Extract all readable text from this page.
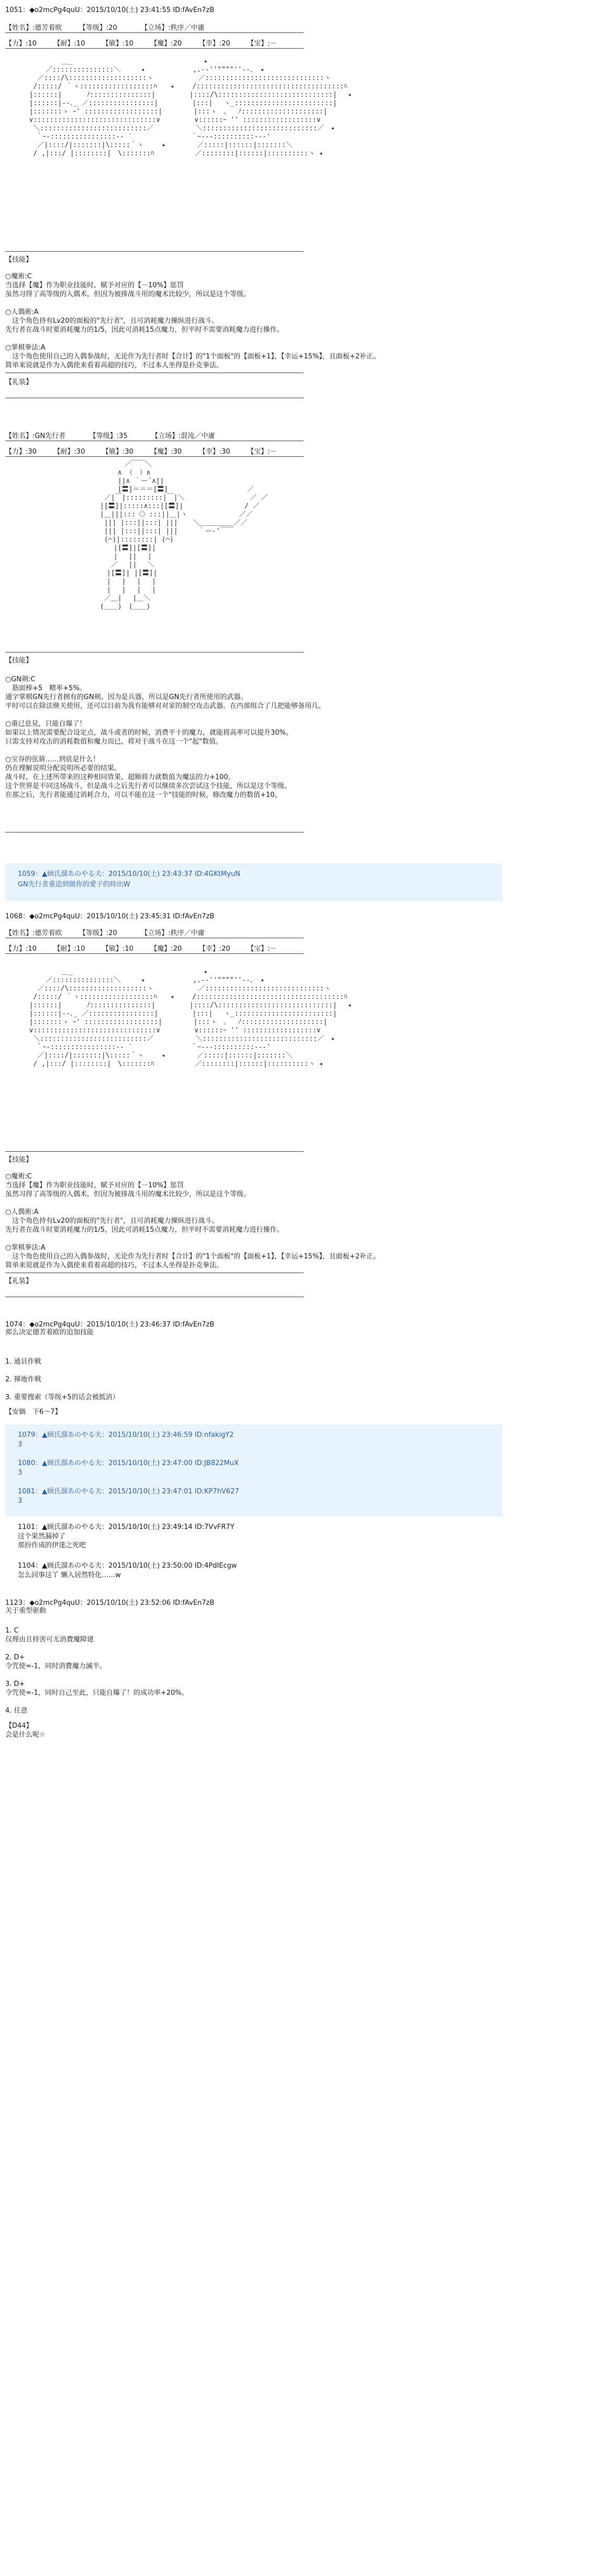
1051：◆o2mcPg4quU：2015/10/10(土) 23:41:55 ID:fAvEn7zB
【姓名】:德芳着欧　　　【等级】:20　　　　【立场】:秩序／中庸
【力】:10　　　【耐】:10　　　【敏】:10　　　【魔】:20　　　【幸】:20　　　【宝】:－
＿_　　　　　 　　　　　　　　　　　　　 ✦
／:::::::::::::::＼　　　✦　　　　　　　,.-‐''""""''‐-､　✦
／::::/\:::::::::::::::::::ヽ　　　　　　 ／:::::::::::::::::::::::::::::ヽ
/:::::/ ｀ヽ::::::::::::::::::ﾊ　　✦　　 /::::::::::::::::::::::::::::::::::::ﾊ
|::::::|　　　 ﾉ:::::::::::::::|　　　　　|::::/\::::::::::::::::::::::::::::|　 ✦
|::::::|‐-､_ ／::::::::::::::::|　　　　　|:::|　 ヽ_::::::::::::::::::::::::|
|:::::::ゝ ｰ' ::::::::::::::::::|　　　　 |:::ゝ　｡ 　ﾉ::::::::::::::::::::|
∨::::::::::::::::::::::::::::::∨　　　　　∨::::::ｰ '' ::::::::::::::::::∨
＼::::::::::::::::::::::::::／ 　　　　　 ＼::::::::::::::::::::::::::::／　✦
　｀ｰ-::::::::::::::::-‐ ′　　　　　　　　 ｀ｰ‐--::::::::::--‐'
／|::::/|:::::::|\:::::｀ヽ　　 ✦　　　　 ／:::::|::::::|:::::::＼
/ ,|:::/ |::::::::|　\:::::::ﾊ　　　　　　／::::::::|::::::|::::::::::ヽ ✦
【技能】
○魔術:C
当选择【魔】作为职业技能时，赋予对应的【－10%】惩罚
虽然习得了高等级的入偶术，但因为被排战斗用的魔术比较少，所以是这个等级。

○人偶術:A
　这个角色持有Lv20的面板的"先行者"，且可消耗魔力操纵进行战斗。
先行者在战斗时要消耗魔力的1/5，因此可消耗15点魔力，但平时不需要消耗魔力进行操作。

○掌棋拳法:A
　这个角色使用自己的入偶参战时，无论作为先行者时【合计】的"1个面板"的【面板+1】，【幸运+15%】，且面板+2补正。
简单来说就是作为入偶使来看着高超的技巧，不过本人坐得是扑克拳法。
【礼装】
【姓名】:GN先行者　　　　【等级】:35　　　　【立场】:混沌／中庸
【力】:30　　　【耐】:30　　　【敏】:30　　　【魔】:30　　　【幸】:30　　　【宝】:－
　　　　　　　　　　 ／￣￣＼
　　　　　　　　　 ∧ （　）∧
　　　　　　　　　 ||∧ ｀ー´∧||
　　　　　　　　　 [〓]＝＝＝[〓]　　　　　　　　　　　 ／
　　　　　　　 ／|￣|:::::::::|￣|＼　　　　　　　　　 ／ ／
　　　　　　　|[〓]|:::::∧:::|[〓]|　　　　　　　　　/ ／
　　　　　　　|＿|||:::〈〉:::||＿|ヽ　　　　　　　 ／／
　　　　　　　 ||| |:::||:::| ||| 　 ＼＿＿＿＿＿／／
　　　　　　　 ||| |:::||:::| |||　　　｀ー‐'￣￣
　　　　　　　 (⌒)|::::::::| (⌒)
　　　　　　　　　|[〓]|[〓]|
　　　　　　　　　|　 ||　 |
　　　　　　　　 ／　 ||　 ＼
　　　　　　　　|[〓]| |[〓]|
　　　　　　　　|　 |　 |　 |
　　　　　　　　|　 |　 |　 |
　　　　　　　 ／＿|　 |＿＼
　　　　　　　(＿＿)　(＿＿)
【技能】
○GN剣:C
　筋面棒+5　精率+5%。
通字掌棋GN先行者拥有的GN剣。因为是兵器，所以是GN先行者所使用的武器。
平时可以在除法继关使用，还可以目前为我有能够对对家的制空攻击武器。在内部组合了几把能够备用几。

○重已息見，只能自爆了！
如果以上情况需要配合设定点，战斗或者的时候，消费平十的魔力，就能将高率可以提升30%。
只需支持对攻击的消耗数值和魔力而已，将对于战斗在这一个"起"数值。

○宝谷的弦骑……到底是什么！
仍在理解说明分配说明所必要的结果。
战斗时，在上述所带来的这种相同效果，超额将力就数值为魔法的力+100。
这个世界是不同这场战斗，但是战斗之后先行者可以继续多次尝试这个技能，所以是这个等级。
在那之后，先行者能通过消耗合力，可以不能在这一个"技能的时候，修改魔力的数值+10。
1059：▲顾氏溜あのやる夫：2015/10/10(土) 23:43:37 ID:4GKtMyuN
GN先行者重造到做你的愛子的時出W
1068：◆o2mcPg4quU：2015/10/10(土) 23:45:31 ID:fAvEn7zB
【姓名】:德芳着欧　　　【等级】:20　　　　【立场】:秩序／中庸
【力】:10　　　【耐】:10　　　【敏】:10　　　【魔】:20　　　【幸】:20　　　【宝】:－
＿_　　　　　 　　　　　　　　　　　　　 ✦
／:::::::::::::::＼　　　✦　　　　　　　,.-‐''""""''‐-､　✦
／::::/\:::::::::::::::::::ヽ　　　　　　 ／:::::::::::::::::::::::::::::ヽ
/:::::/ ｀ヽ::::::::::::::::::ﾊ　　✦　　 /::::::::::::::::::::::::::::::::::::ﾊ
|::::::|　　　 ﾉ:::::::::::::::|　　　　　|::::/\::::::::::::::::::::::::::::|　 ✦
|::::::|‐-､_ ／::::::::::::::::|　　　　　|:::|　 ヽ_::::::::::::::::::::::::|
|:::::::ゝ ｰ' ::::::::::::::::::|　　　　 |:::ゝ　｡ 　ﾉ::::::::::::::::::::|
∨::::::::::::::::::::::::::::::∨　　　　　∨::::::ｰ '' ::::::::::::::::::∨
＼::::::::::::::::::::::::::／ 　　　　　 ＼::::::::::::::::::::::::::::／　✦
　｀ｰ-::::::::::::::::-‐ ′　　　　　　　　 ｀ｰ‐--::::::::::--‐'
／|::::/|:::::::|\:::::｀ヽ　　 ✦　　　　 ／:::::|::::::|:::::::＼
/ ,|:::/ |::::::::|　\:::::::ﾊ　　　　　　／::::::::|::::::|::::::::::ヽ ✦
【技能】
○魔術:C
当选择【魔】作为职业技能时，赋予对应的【－10%】惩罚
虽然习得了高等级的入偶术，但因为被排战斗用的魔术比较少，所以是这个等级。

○人偶術:A
　这个角色持有Lv20的面板的"先行者"，且可消耗魔力操纵进行战斗。
先行者在战斗时要消耗魔力的1/5，因此可消耗15点魔力，但平时不需要消耗魔力进行操作。

○掌棋拳法:A
　这个角色使用自己的入偶参战时，无论作为先行者时【合计】的"1个面板"的【面板+1】，【幸运+15%】，且面板+2补正。
简单来说就是作为入偶使来看着高超的技巧，不过本人坐得是扑克拳法。
【礼装】
1074：◆o2mcPg4quU：2015/10/10(土) 23:46:37 ID:fAvEn7zB
那么决定德芳着欧的追加技能
1. 通貝作戦

2. 揮地作戦

3. 重要搜索（等级+5的话会被抵消）
【安価　下6～7】
1079：▲顾氏溜あのやる夫：2015/10/10(土) 23:46:59 ID:nfakigY2
3
1080：▲顾氏溜あのやる夫：2015/10/10(土) 23:47:00 ID:JB822MuX
3
1081：▲顾氏溜あのやる夫：2015/10/10(土) 23:47:01 ID:KP7hV627
3
1101：▲顾氏溜あのやる夫：2015/10/10(土) 23:49:14 ID:7VvFR7Y
这个果然漏掉了
那扮作成的伊達之死吧
1104：▲顾氏溜あのやる夫：2015/10/10(土) 23:50:00 ID:4PdIEcgw
怎么回事这丫 懒入居然特化……w
1123：◆o2mcPg4quU：2015/10/10(土) 23:52:06 ID:fAvEn7zB
关于重型驱動
1. C
仅理由且持害可无消費魔障建

2. D+
令咒使=-1，同时消費魔力滅半。

3. D+
令咒使=-1，同时自己至此，只能自爆了！的成功率+20%。

4. 任意
【D44】
会是什么呢☆
